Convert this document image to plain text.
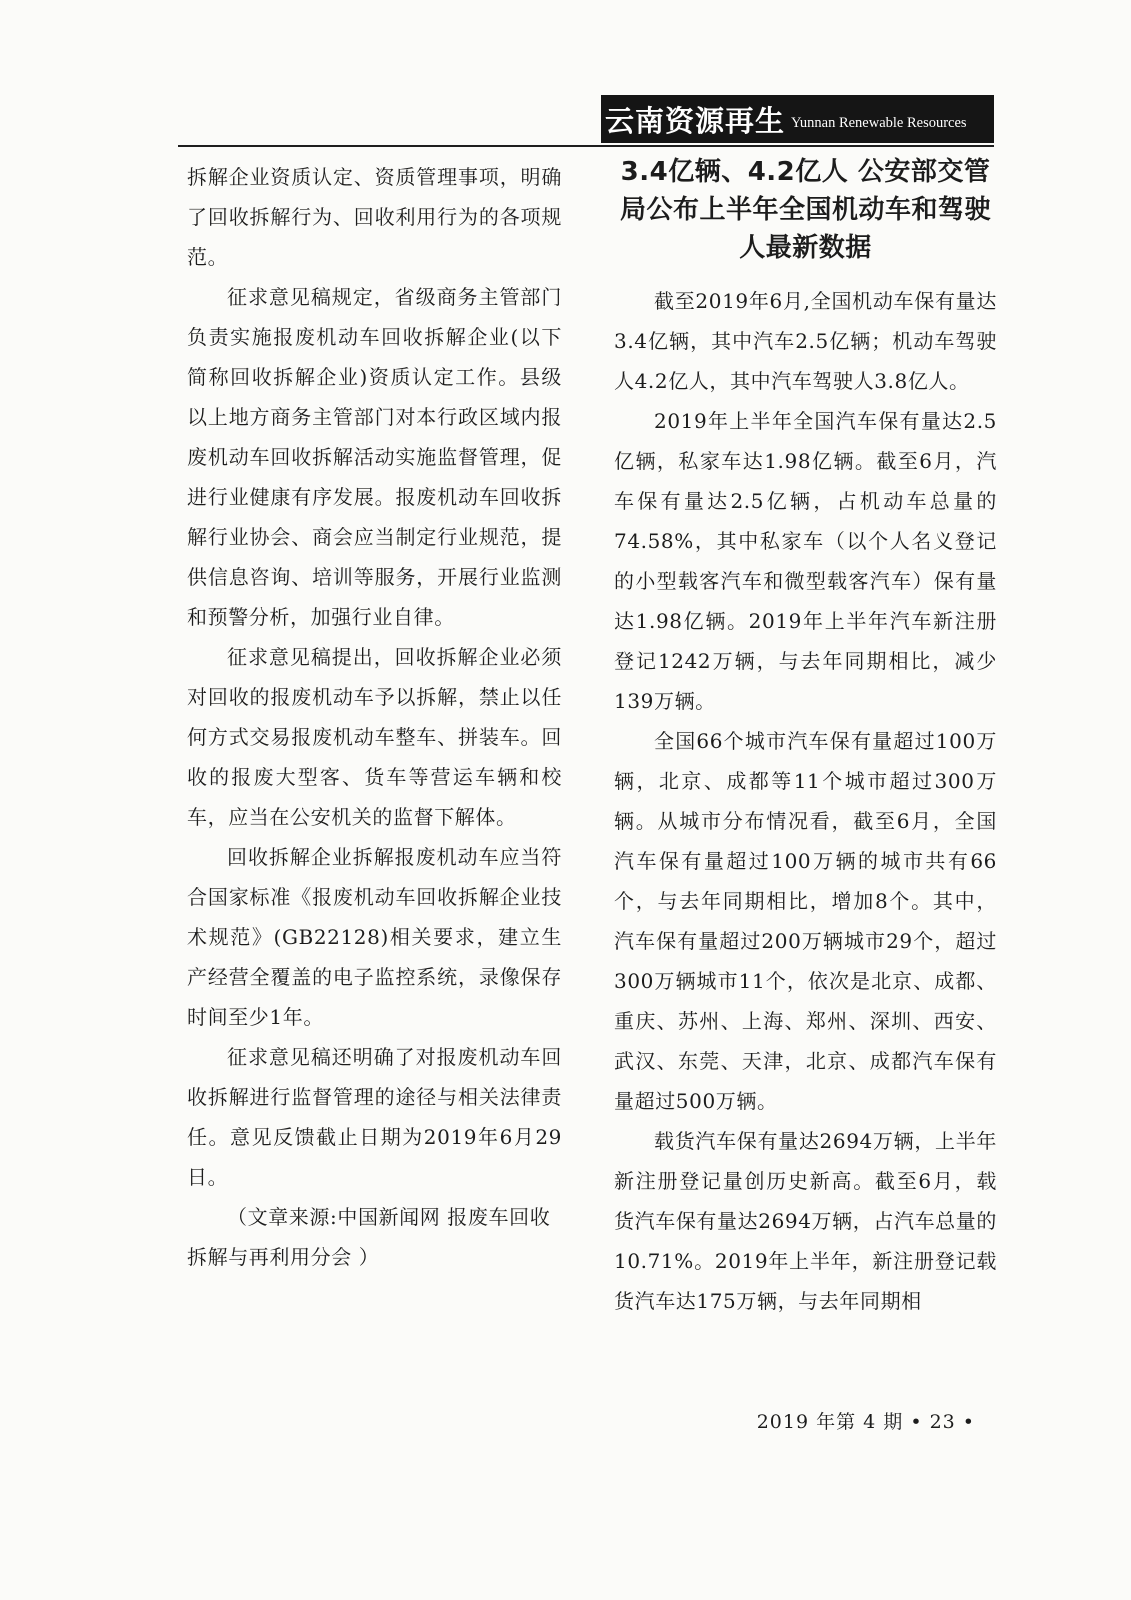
云南资源再生 Yunnan Renewable Resources

拆解企业资质认定、资质管理事项，明确了回收拆解行为、回收利用行为的各项规范。

征求意见稿规定，省级商务主管部门负责实施报废机动车回收拆解企业(以下简称回收拆解企业)资质认定工作。县级以上地方商务主管部门对本行政区域内报废机动车回收拆解活动实施监督管理，促进行业健康有序发展。报废机动车回收拆解行业协会、商会应当制定行业规范，提供信息咨询、培训等服务，开展行业监测和预警分析，加强行业自律。

征求意见稿提出，回收拆解企业必须对回收的报废机动车予以拆解，禁止以任何方式交易报废机动车整车、拼装车。回收的报废大型客、货车等营运车辆和校车，应当在公安机关的监督下解体。

回收拆解企业拆解报废机动车应当符合国家标准《报废机动车回收拆解企业技术规范》(GB22128)相关要求，建立生产经营全覆盖的电子监控系统，录像保存时间至少1年。

征求意见稿还明确了对报废机动车回收拆解进行监督管理的途径与相关法律责任。意见反馈截止日期为2019年6月29日。

（文章来源:中国新闻网 报废车回收拆解与再利用分会 ）

3.4亿辆、4.2亿人 公安部交管局公布上半年全国机动车和驾驶人最新数据

截至2019年6月,全国机动车保有量达3.4亿辆，其中汽车2.5亿辆；机动车驾驶人4.2亿人，其中汽车驾驶人3.8亿人。

2019年上半年全国汽车保有量达2.5亿辆，私家车达1.98亿辆。截至6月，汽车保有量达2.5亿辆，占机动车总量的74.58%，其中私家车（以个人名义登记的小型载客汽车和微型载客汽车）保有量达1.98亿辆。2019年上半年汽车新注册登记1242万辆，与去年同期相比，减少139万辆。

全国66个城市汽车保有量超过100万辆，北京、成都等11个城市超过300万辆。从城市分布情况看，截至6月，全国汽车保有量超过100万辆的城市共有66个，与去年同期相比，增加8个。其中，汽车保有量超过200万辆城市29个，超过300万辆城市11个，依次是北京、成都、重庆、苏州、上海、郑州、深圳、西安、武汉、东莞、天津，北京、成都汽车保有量超过500万辆。

载货汽车保有量达2694万辆，上半年新注册登记量创历史新高。截至6月，载货汽车保有量达2694万辆，占汽车总量的10.71%。2019年上半年，新注册登记载货汽车达175万辆，与去年同期相

2019 年第 4 期 • 23 •
